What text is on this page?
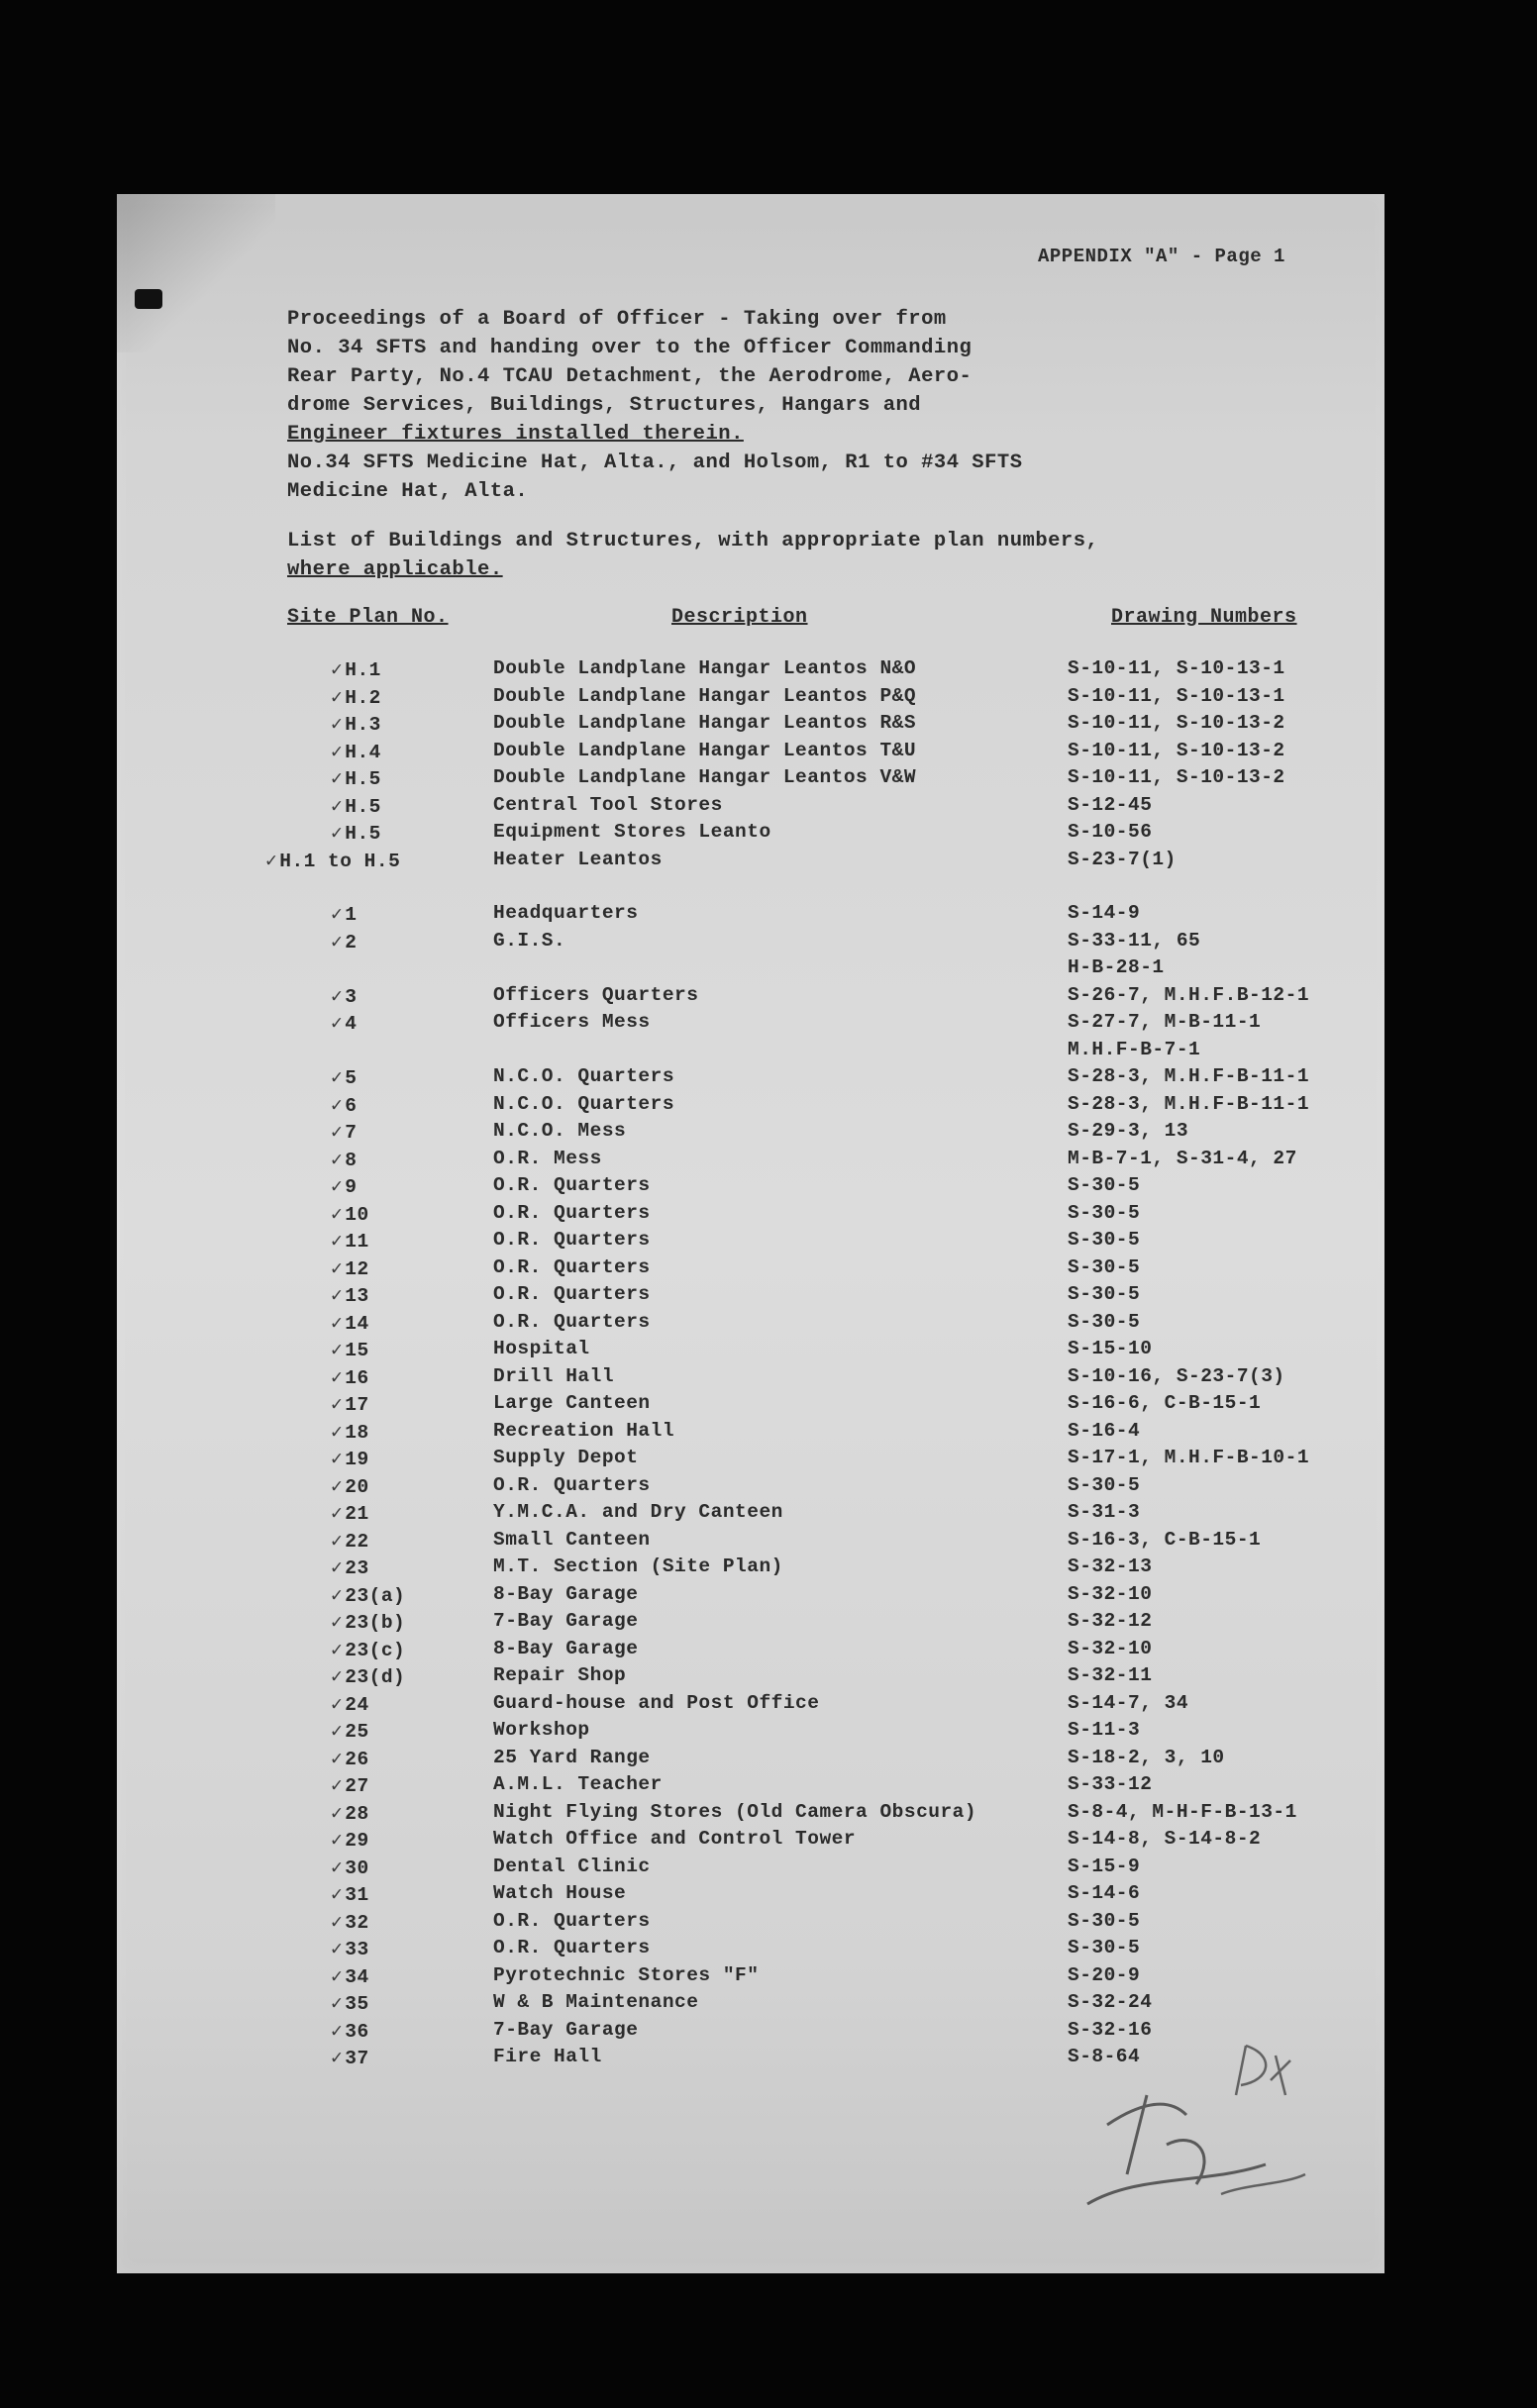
APPENDIX "A" - Page 1
Proceedings of a Board of Officer - Taking over from
No. 34 SFTS and handing over to the Officer Commanding
Rear Party, No.4 TCAU Detachment, the Aerodrome, Aero-
drome Services, Buildings, Structures, Hangars and
Engineer fixtures installed therein.
No.34 SFTS Medicine Hat, Alta., and Holsom, R1 to #34 SFTS
Medicine Hat, Alta.
List of Buildings and Structures, with appropriate plan numbers,
where applicable.
Site Plan No.	Description	Drawing Numbers
✓ H.1	Double Landplane Hangar Leantos N&O	S-10-11, S-10-13-1
✓ H.2	Double Landplane Hangar Leantos P&Q	S-10-11, S-10-13-1
✓ H.3	Double Landplane Hangar Leantos R&S	S-10-11, S-10-13-2
✓ H.4	Double Landplane Hangar Leantos T&U	S-10-11, S-10-13-2
✓ H.5	Double Landplane Hangar Leantos V&W	S-10-11, S-10-13-2
✓ H.5	Central Tool Stores	S-12-45
✓ H.5	Equipment Stores Leanto	S-10-56
✓ H.1 to H.5	Heater Leantos	S-23-7(1)
✓ 1	Headquarters	S-14-9
✓ 2	G.I.S.	S-33-11, 65
H-B-28-1
✓ 3	Officers Quarters	S-26-7, M.H.F.B-12-1
✓ 4	Officers Mess	S-27-7, M-B-11-1
M.H.F-B-7-1
✓ 5	N.C.O. Quarters	S-28-3, M.H.F-B-11-1
✓ 6	N.C.O. Quarters	S-28-3, M.H.F-B-11-1
✓ 7	N.C.O. Mess	S-29-3, 13
✓ 8	O.R. Mess	M-B-7-1, S-31-4, 27
✓ 9	O.R. Quarters	S-30-5
✓ 10	O.R. Quarters	S-30-5
✓ 11	O.R. Quarters	S-30-5
✓ 12	O.R. Quarters	S-30-5
✓ 13	O.R. Quarters	S-30-5
✓ 14	O.R. Quarters	S-30-5
✓ 15	Hospital	S-15-10
✓ 16	Drill Hall	S-10-16, S-23-7(3)
✓ 17	Large Canteen	S-16-6, C-B-15-1
✓ 18	Recreation Hall	S-16-4
✓ 19	Supply Depot	S-17-1, M.H.F-B-10-1
✓ 20	O.R. Quarters	S-30-5
✓ 21	Y.M.C.A. and Dry Canteen	S-31-3
✓ 22	Small Canteen	S-16-3, C-B-15-1
✓ 23	M.T. Section (Site Plan)	S-32-13
✓ 23(a)	8-Bay Garage	S-32-10
✓ 23(b)	7-Bay Garage	S-32-12
✓ 23(c)	8-Bay Garage	S-32-10
✓ 23(d)	Repair Shop	S-32-11
✓ 24	Guard-house and Post Office	S-14-7, 34
✓ 25	Workshop	S-11-3
✓ 26	25 Yard Range	S-18-2, 3, 10
✓ 27	A.M.L. Teacher	S-33-12
✓ 28	Night Flying Stores (Old Camera Obscura)	S-8-4, M-H-F-B-13-1
✓ 29	Watch Office and Control Tower	S-14-8, S-14-8-2
✓ 30	Dental Clinic	S-15-9
✓ 31	Watch House	S-14-6
✓ 32	O.R. Quarters	S-30-5
✓ 33	O.R. Quarters	S-30-5
✓ 34	Pyrotechnic Stores "F"	S-20-9
✓ 35	W & B Maintenance	S-32-24
✓ 36	7-Bay Garage	S-32-16
✓ 37	Fire Hall	S-8-64
